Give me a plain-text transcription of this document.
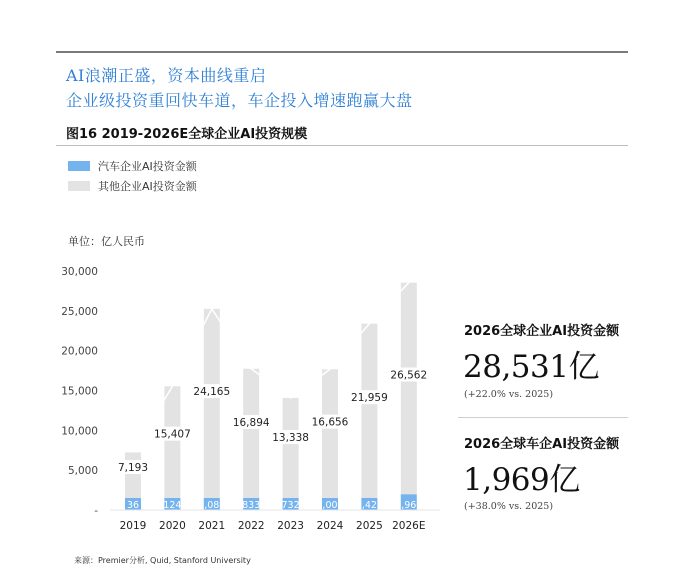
AI浪潮正盛，资本曲线重启
企业级投资重回快车道，车企投入增速跑赢大盘
图16 2019-2026E全球企业AI投资规模
汽车企业AI投资金额
其他企业AI投资金额
单位：亿人民币
30,000
25,000
20,000
15,000
10,000
5,000
-
7,193
36
2019
15,407
124
2020
24,165
1,086
2021
16,894
833
2022
13,338
732
2023
16,656
1,007
2024
21,959
1,427
2025
26,562
1,969
2026E
2026全球企业AI投资金额
28,531亿
(+22.0% vs. 2025)
2026全球车企AI投资金额
1,969亿
(+38.0% vs. 2025)
来源：Premier分析, Quid, Stanford University
